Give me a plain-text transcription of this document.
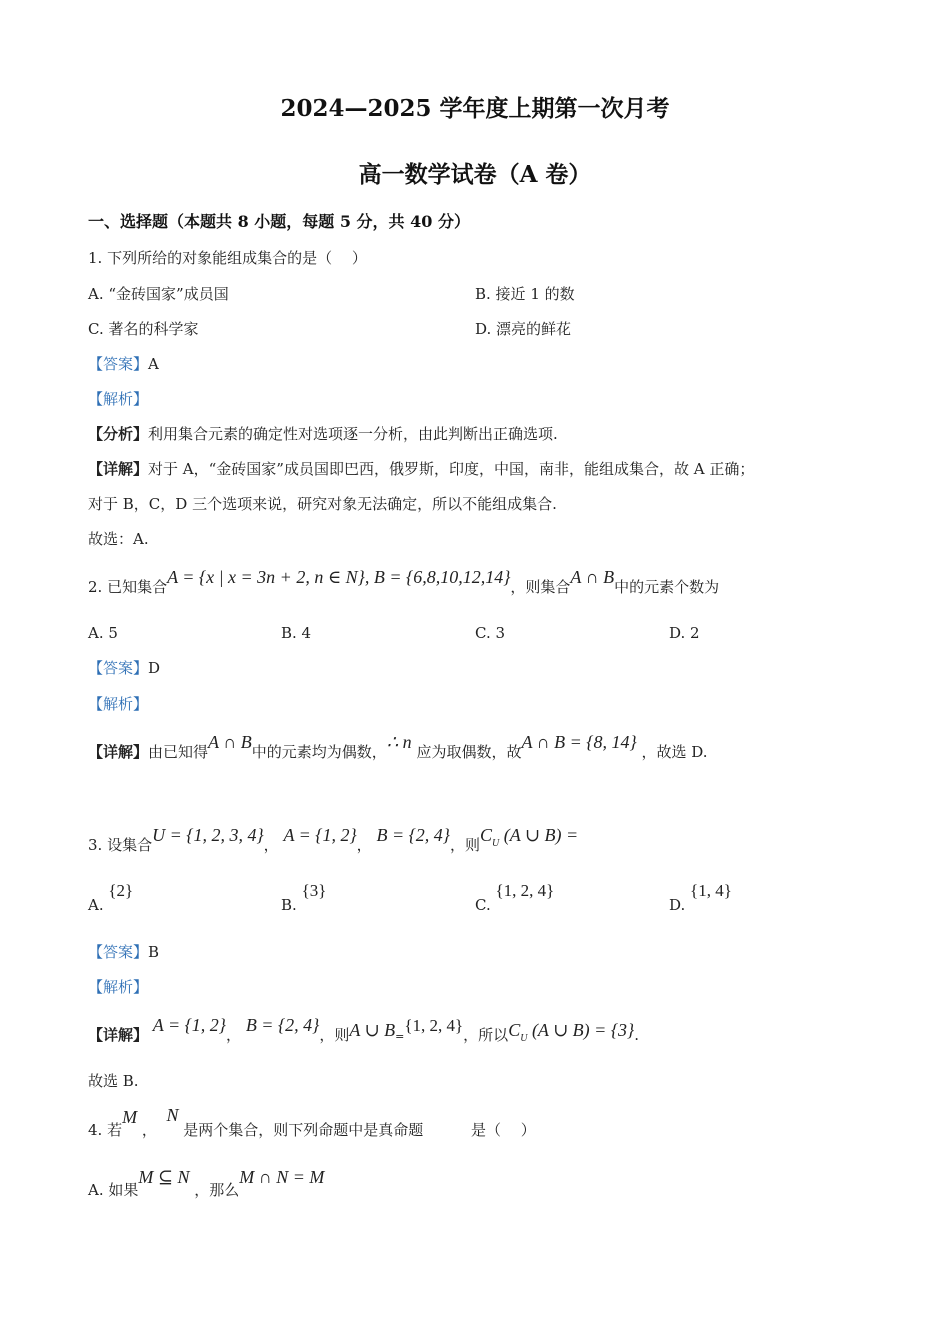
2024—2025 学年度上期第一次月考
高一数学试卷（A 卷）
一、选择题（本题共 8 小题，每题 5 分，共 40 分）
1. 下列所给的对象能组成集合的是（　 ）
A. “金砖国家”成员国	B. 接近 1 的数
C. 著名的科学家	D. 漂亮的鲜花
【答案】A
【解析】
【分析】利用集合元素的确定性对选项逐一分析，由此判断出正确选项.
【详解】对于 A，“金砖国家”成员国即巴西，俄罗斯，印度，中国，南非，能组成集合，故 A 正确；
对于 B，C，D 三个选项来说，研究对象无法确定，所以不能组成集合.
故选：A.
2. 已知集合A = {x | x = 3n + 2, n ∈ N}, B = {6,8,10,12,14}，则集合A ∩ B中的元素个数为
A. 5	B. 4	C. 3	D. 2
【答案】D
【解析】
【详解】由已知得A ∩ B中的元素均为偶数，∴ n 应为取偶数，故A ∩ B = {8, 14} ，故选 D.
3. 设集合U = {1, 2, 3, 4}， A = {1, 2}， B = {2, 4}，则$C_U$ (A ∪ B) =
A. {2}
B. {3}
C. {1, 2, 4}
D. {1, 4}
【答案】B
【解析】
【详解】 A = {1, 2}， B = {2, 4}，则A ∪ B={1, 2, 4}，所以$C_U$ (A ∪ B) = {3}.
故选 B.
4. 若M ，  N 是两个集合，则下列命题中是真命题	是（　 ）
A. 如果M ⊆ N ，那么M ∩ N = M
